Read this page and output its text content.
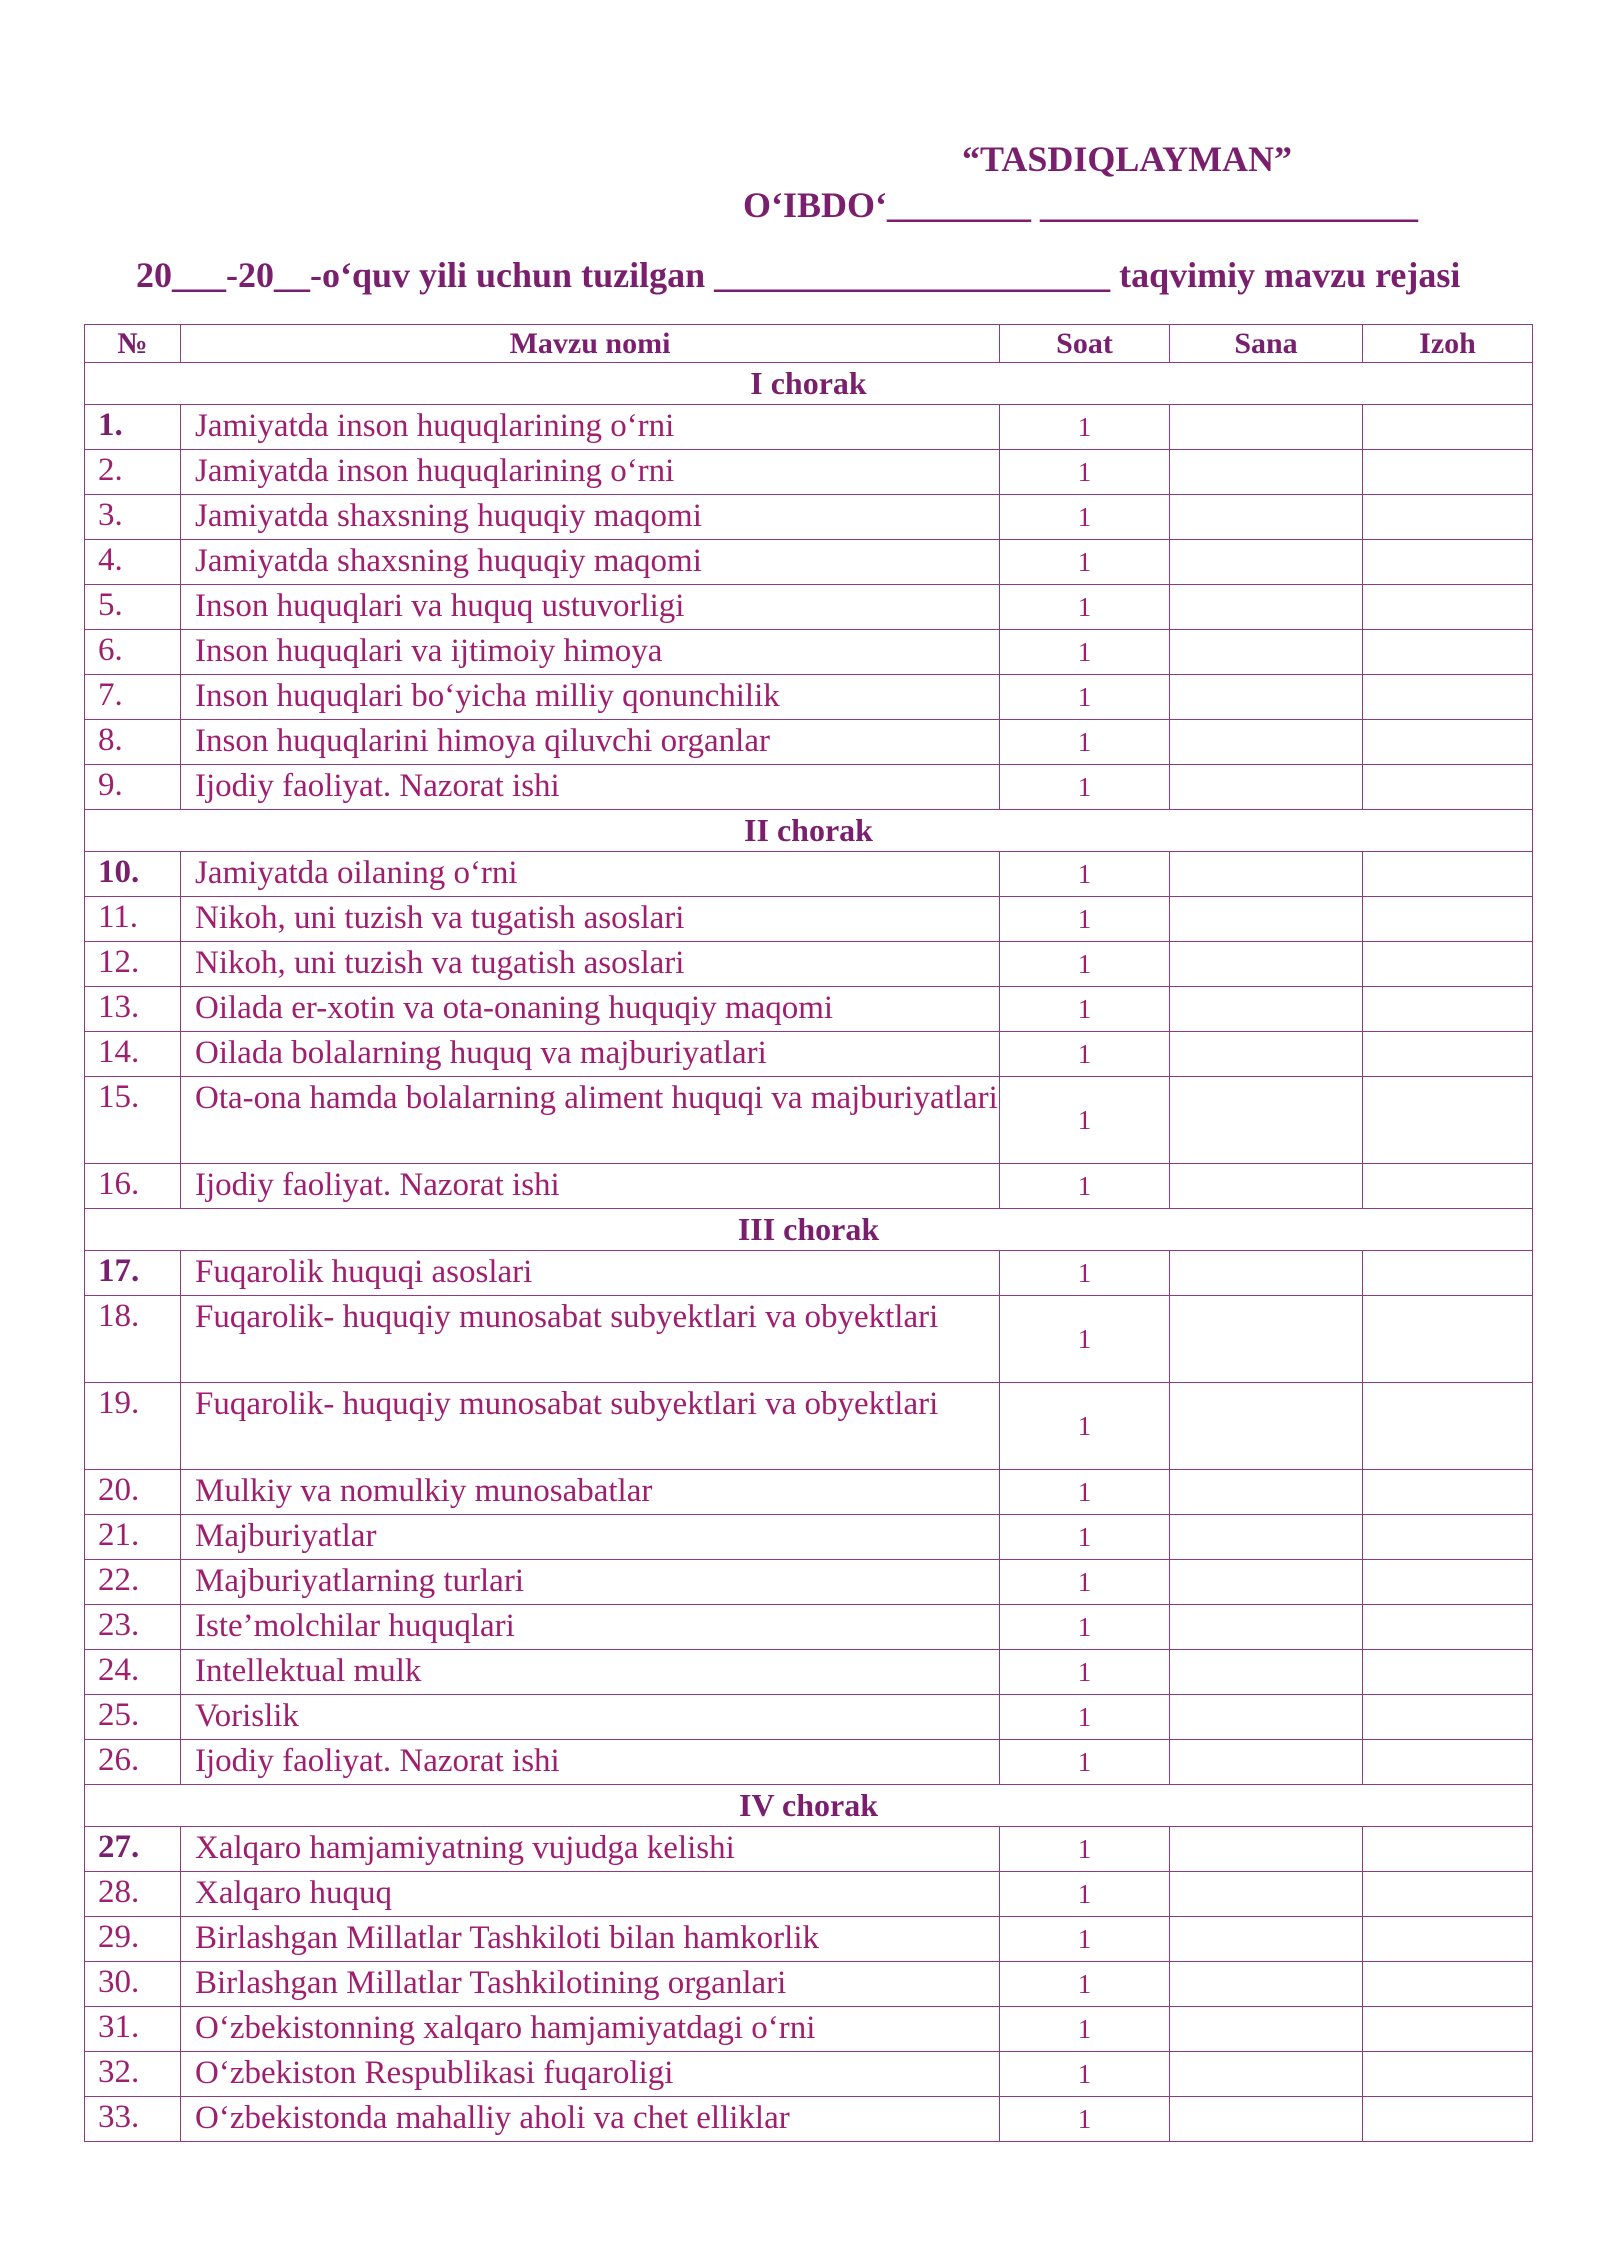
“TASDIQLAYMAN”
O‘IBDO‘________ _____________________
20___-20__-o‘quv yili uchun tuzilgan ______________________ taqvimiy mavzu rejasi
№	Mavzu nomi	Soat	Sana	Izoh
I chorak				
1.	Jamiyatda inson huquqlarining o‘rni	1		
2.	Jamiyatda inson huquqlarining o‘rni	1		
3.	Jamiyatda shaxsning huquqiy maqomi	1		
4.	Jamiyatda shaxsning huquqiy maqomi	1		
5.	Inson huquqlari va huquq ustuvorligi	1		
6.	Inson huquqlari va ijtimoiy himoya	1		
7.	Inson huquqlari bo‘yicha milliy qonunchilik	1		
8.	Inson huquqlarini himoya qiluvchi organlar	1		
9.	Ijodiy faoliyat. Nazorat ishi	1		
II chorak				
10.	Jamiyatda oilaning o‘rni	1		
11.	Nikoh, uni tuzish va tugatish asoslari	1		
12.	Nikoh, uni tuzish va tugatish asoslari	1		
13.	Oilada er-xotin va ota-onaning huquqiy maqomi	1		
14.	Oilada bolalarning huquq va majburiyatlari	1		
15.	Ota-ona hamda bolalarning aliment huquqi va majburiyatlari	1		
16.	Ijodiy faoliyat. Nazorat ishi	1		
III chorak				
17.	Fuqarolik huquqi asoslari	1		
18.	Fuqarolik- huquqiy munosabat subyektlari va obyektlari	1		
19.	Fuqarolik- huquqiy munosabat subyektlari va obyektlari	1		
20.	Mulkiy va nomulkiy munosabatlar	1		
21.	Majburiyatlar	1		
22.	Majburiyatlarning turlari	1		
23.	Iste’molchilar huquqlari	1		
24.	Intellektual mulk	1		
25.	Vorislik	1		
26.	Ijodiy faoliyat. Nazorat ishi	1		
IV chorak				
27.	Xalqaro hamjamiyatning vujudga kelishi	1		
28.	Xalqaro huquq	1		
29.	Birlashgan Millatlar Tashkiloti bilan hamkorlik	1		
30.	Birlashgan Millatlar Tashkilotining organlari	1		
31.	O‘zbekistonning xalqaro hamjamiyatdagi o‘rni	1		
32.	O‘zbekiston Respublikasi fuqaroligi	1		
33.	O‘zbekistonda mahalliy aholi va chet elliklar	1		
